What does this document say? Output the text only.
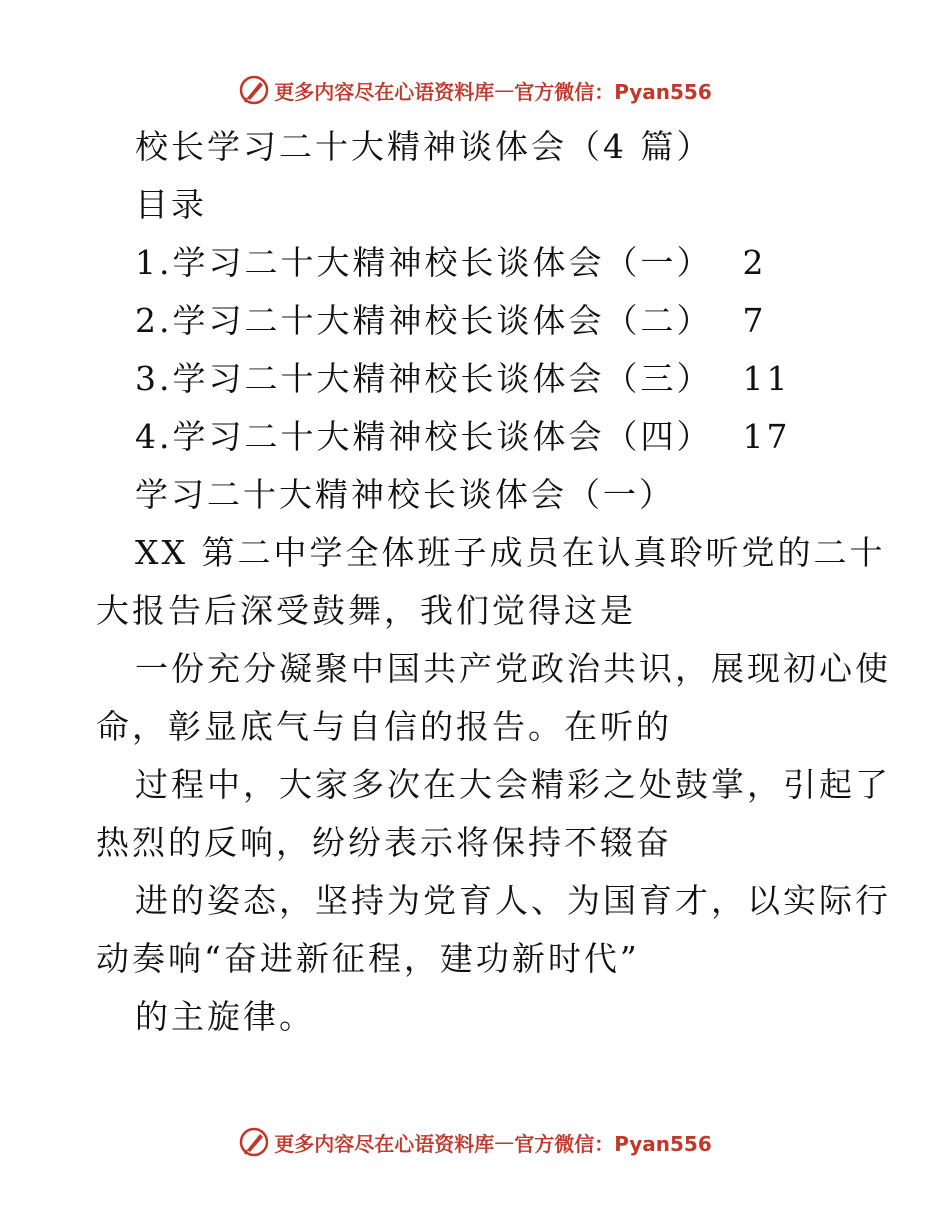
更多内容尽在心语资料库 — 官方微信：Pyan556
校长学习二十大精神谈体会（4 篇）
目录
1.学习二十大精神校长谈体会（一） 2
2.学习二十大精神校长谈体会（二） 7
3.学习二十大精神校长谈体会（三） 11
4.学习二十大精神校长谈体会（四） 17
学习二十大精神校长谈体会（一）
XX 第二中学全体班子成员在认真聆听党的二十
大报告后深受鼓舞，我们觉得这是
一份充分凝聚中国共产党政治共识，展现初心使
命，彰显底气与自信的报告。在听的
过程中，大家多次在大会精彩之处鼓掌，引起了
热烈的反响，纷纷表示将保持不辍奋
进的姿态，坚持为党育人、为国育才，以实际行
动奏响“奋进新征程，建功新时代”
的主旋律。
更多内容尽在心语资料库 — 官方微信：Pyan556
